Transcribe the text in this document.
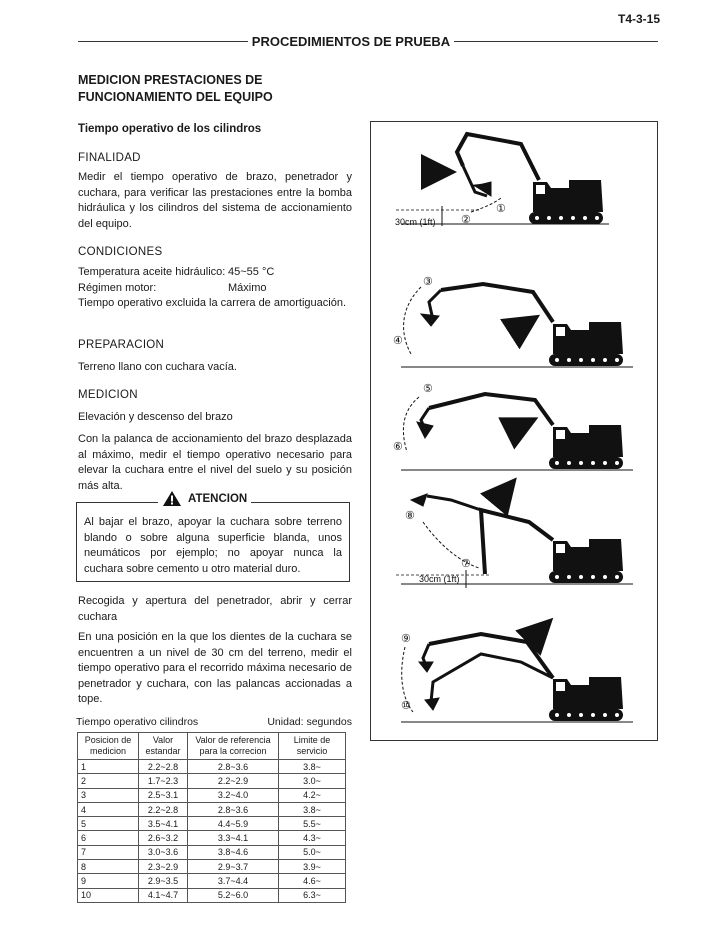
T4-3-15
PROCEDIMIENTOS DE PRUEBA
MEDICION PRESTACIONES DE FUNCIONAMIENTO DEL EQUIPO
Tiempo operativo de los cilindros
FINALIDAD
Medir el tiempo operativo de brazo, penetrador y cuchara, para verificar las prestaciones entre la bomba hidráulica y los cilindros del sistema de accionamiento del equipo.
CONDICIONES
Temperatura aceite hidráulico: 45~55 °C
Régimen motor:	Máximo

Tiempo operativo excluida la carrera de amortiguación.

PREPARACION
Terreno llano con cuchara vacía.
MEDICION
Elevación y descenso del brazo
Con la palanca de accionamiento del brazo desplazada al máximo, medir el tiempo operativo necesario para elevar la cuchara entre el nivel del suelo y su posición más alta.
ATENCION
Al bajar el brazo, apoyar la cuchara sobre terreno blando o sobre alguna superficie blanda, unos neumáticos por ejemplo; no apoyar nunca la cuchara sobre cemento u otro material duro.
Recogida y apertura del penetrador, abrir y cerrar cuchara
En una posición en la que los dientes de la cuchara se encuentren a un nivel de 30 cm del terreno, medir el tiempo operativo para el recorrido máxima necesario de penetrador y cuchara, con las palancas accionadas a tope.
Tiempo operativo cilindros	Unidad: segundos
Posicion de medicion	Valor estandar	Valor de referencia para la correcion	Limite de servicio
1	2.2~2.8	2.8~3.6	3.8~
2	1.7~2.3	2.2~2.9	3.0~
3	2.5~3.1	3.2~4.0	4.2~
4	2.2~2.8	2.8~3.6	3.8~
5	3.5~4.1	4.4~5.9	5.5~
6	2.6~3.2	3.3~4.1	4.3~
7	3.0~3.6	3.8~4.6	5.0~
8	2.3~2.9	2.9~3.7	3.9~
9	2.9~3.5	3.7~4.4	4.6~
10	4.1~4.7	5.2~6.0	6.3~
30cm (1ft) ②
①
③
④
⑤
⑥
30cm (1ft)
⑧
⑦
⑨
⑩
